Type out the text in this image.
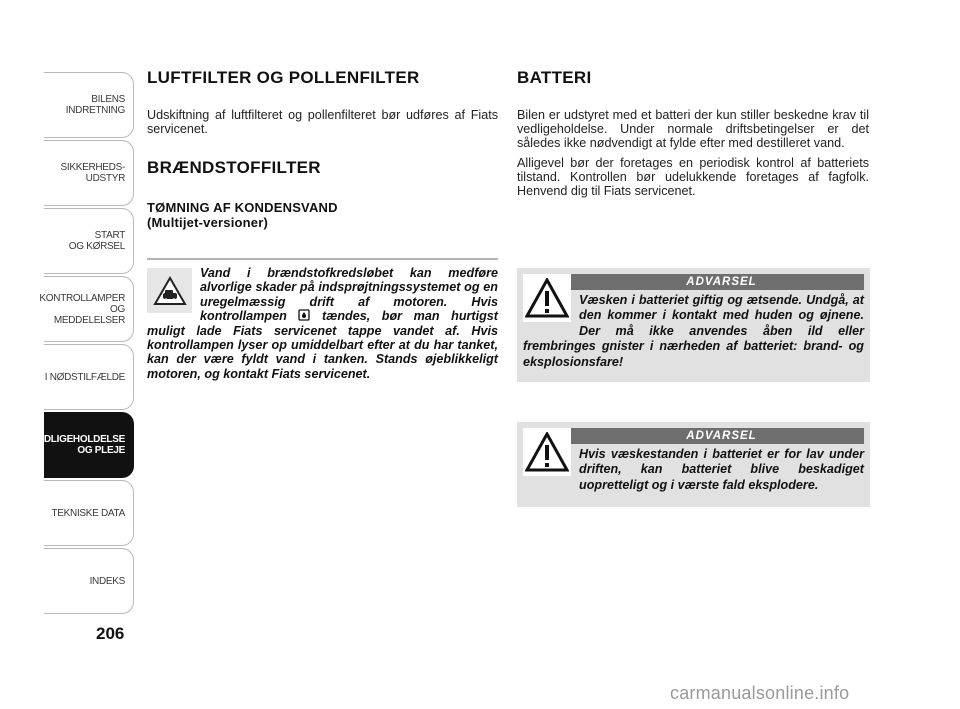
BILENS
INDRETNING
SIKKERHEDS-
UDSTYR
START
OG KØRSEL
KONTROLLAMPER
OG MEDDELELSER
I NØDSTILFÆLDE
VEDLIGEHOLDELSE
OG PLEJE
TEKNISKE DATA
INDEKS
206
LUFTFILTER OG POLLENFILTER

Udskiftning af luftfilteret og pollenfilteret bør udføres af Fiats servicenet.

BRÆNDSTOFFILTER
TØMNING AF KONDENSVAND
(Multijet-versioner)
Vand i brændstofkredsløbet kan medføre alvorlige skader på indsprøjtningssystemet og en uregelmæssig drift af motoren. Hvis kontrollampen	tændes, bør man hurtigst muligt lade Fiats servicenet tappe vandet af. Hvis kontrollampen lyser op umiddelbart efter at du har tanket, kan der være fyldt vand i tanken. Stands øjeblikkeligt motoren, og kontakt Fiats servicenet.
BATTERI

Bilen er udstyret med et batteri der kun stiller beskedne krav til vedligeholdelse. Under normale driftsbetingelser er det således ikke nødvendigt at fylde efter med destilleret vand.

Alligevel bør der foretages en periodisk kontrol af batteriets tilstand. Kontrollen bør udelukkende foretages af fagfolk. Henvend dig til Fiats servicenet.

ADVARSEL
Væsken i batteriet giftig og ætsende. Undgå, at den kommer i kontakt med huden og øjnene. Der må ikke anvendes åben ild eller frembringes gnister i nærheden af batteriet: brand- og eksplosionsfare!
ADVARSEL
Hvis væskestanden i batteriet er for lav under driften, kan batteriet blive beskadiget uopretteligt og i værste fald eksplodere.
carmanualsonline.info
